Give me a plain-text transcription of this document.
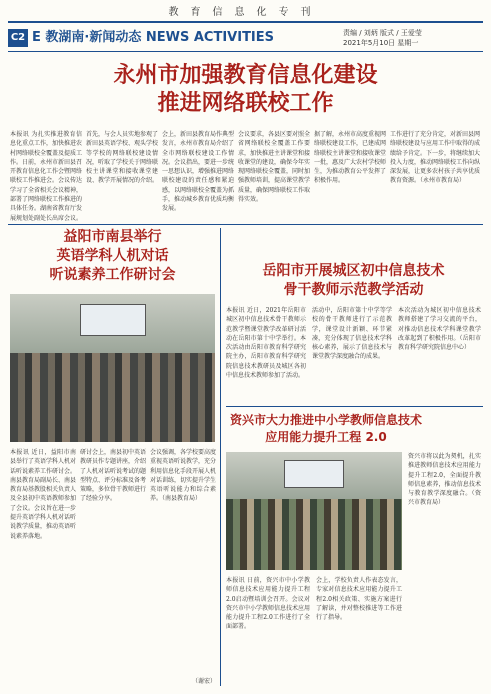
教育信息化专刊
C2 E 教湖南·新闻动态 NEWS ACTIVITIES	责编 / 刘炳 版式 / 王爱莹
2021年5月10日 星期一
永州市加强教育信息化建设
推进网络联校工作
本报讯 为扎实推进教育信息化重点工作，加快推进农村网络联校全覆盖及提质工作。日前，永州市新田县召开教育信息化工作会暨网络联校工作推进会。会议传达学习了全省相关会议精神，部署了网络联校工作推进的具体任务。湖南省教育厅发展规划处副处长出席会议。
首先，与会人员实地参观了新田县英语学校、观头学校等学校的网络联校建设情况，听取了学校关于网络联校主讲课堂和接收课堂建设、教学开展情况的介绍。
会上，新田县教育局作典型发言，永州市教育局介绍了全市网络联校建设工作情况。会议指出，要进一步统一思想认识，增强推进网络联校建设的责任感和紧迫感，以网络联校全覆盖为抓手，推动城乡教育优质均衡发展。
会议要求，各县区要对照全省网络联校全覆盖工作要求，加快推进主讲课堂和接收课堂的建设，确保今年实现网络联校全覆盖，同时加强教师培训，提高课堂教学质量，确保网络联校工作取得实效。
据了解，永州市高度重视网络联校建设工作，已建成网络联校主讲课堂和接收课堂一批，惠及广大农村学校师生，为推动教育公平发挥了积极作用。
工作进行了充分肯定，对新田县网络联校建设与应用工作中取得的成绩给予肯定。下一步，将继续加大投入力度，推动网络联校工作向纵深发展，让更多农村孩子共享优质教育资源。（永州市教育局）
益阳市南县举行
英语学科人机对话
听说素养工作研讨会
本报讯 近日，益阳市南县举行了英语学科人机对话听说素养工作研讨会。南县教育局副局长、南县教育局基教股相关负责人及全县初中英语教师参加了会议。会议旨在进一步提升英语学科人机对话听说教学质量，推动英语听说素养落地。
研讨会上，南县初中英语教研员作专题讲座，介绍了人机对话听说考试的题型特点、评分标准及备考策略，多位骨干教师进行了经验分享。
会议强调，各学校要高度重视英语听说教学，充分利用信息化手段开展人机对话训练，切实提升学生英语听说能力和综合素养。（南县教育局）
（谢宏）
岳阳市开展城区初中信息技术
骨干教师示范教学活动
本报讯 近日，2021年岳阳市城区初中信息技术骨干教师示范教学暨课堂教学改革研讨活动在岳阳市第十中学举行。本次活动由岳阳市教育科学研究院主办，岳阳市教育科学研究院信息技术教研员及城区各初中信息技术教师参加了活动。
活动中，岳阳市第十中学等学校的骨干教师进行了示范教学，课堂设计新颖、环节紧凑，充分体现了信息技术学科核心素养，展示了信息技术与课堂教学深度融合的成果。
本次活动为城区初中信息技术教师搭建了学习交流的平台，对推动信息技术学科课堂教学改革起到了积极作用。（岳阳市教育科学研究院信息中心）
资兴市大力推进中小学教师信息技术
应用能力提升工程 2.0
本报讯 日前，资兴市中小学教师信息技术应用能力提升工程2.0启动暨培训会召开。会议对资兴市中小学教师信息技术应用能力提升工程2.0工作进行了全面部署。
会上，学校负责人作表态发言，专家对信息技术应用能力提升工程2.0相关政策、实施方案进行了解读，并对整校推进等工作进行了指导。
资兴市将以此为契机，扎实推进教师信息技术应用能力提升工程2.0，全面提升教师信息素养，推动信息技术与教育教学深度融合。（资兴市教育局）
